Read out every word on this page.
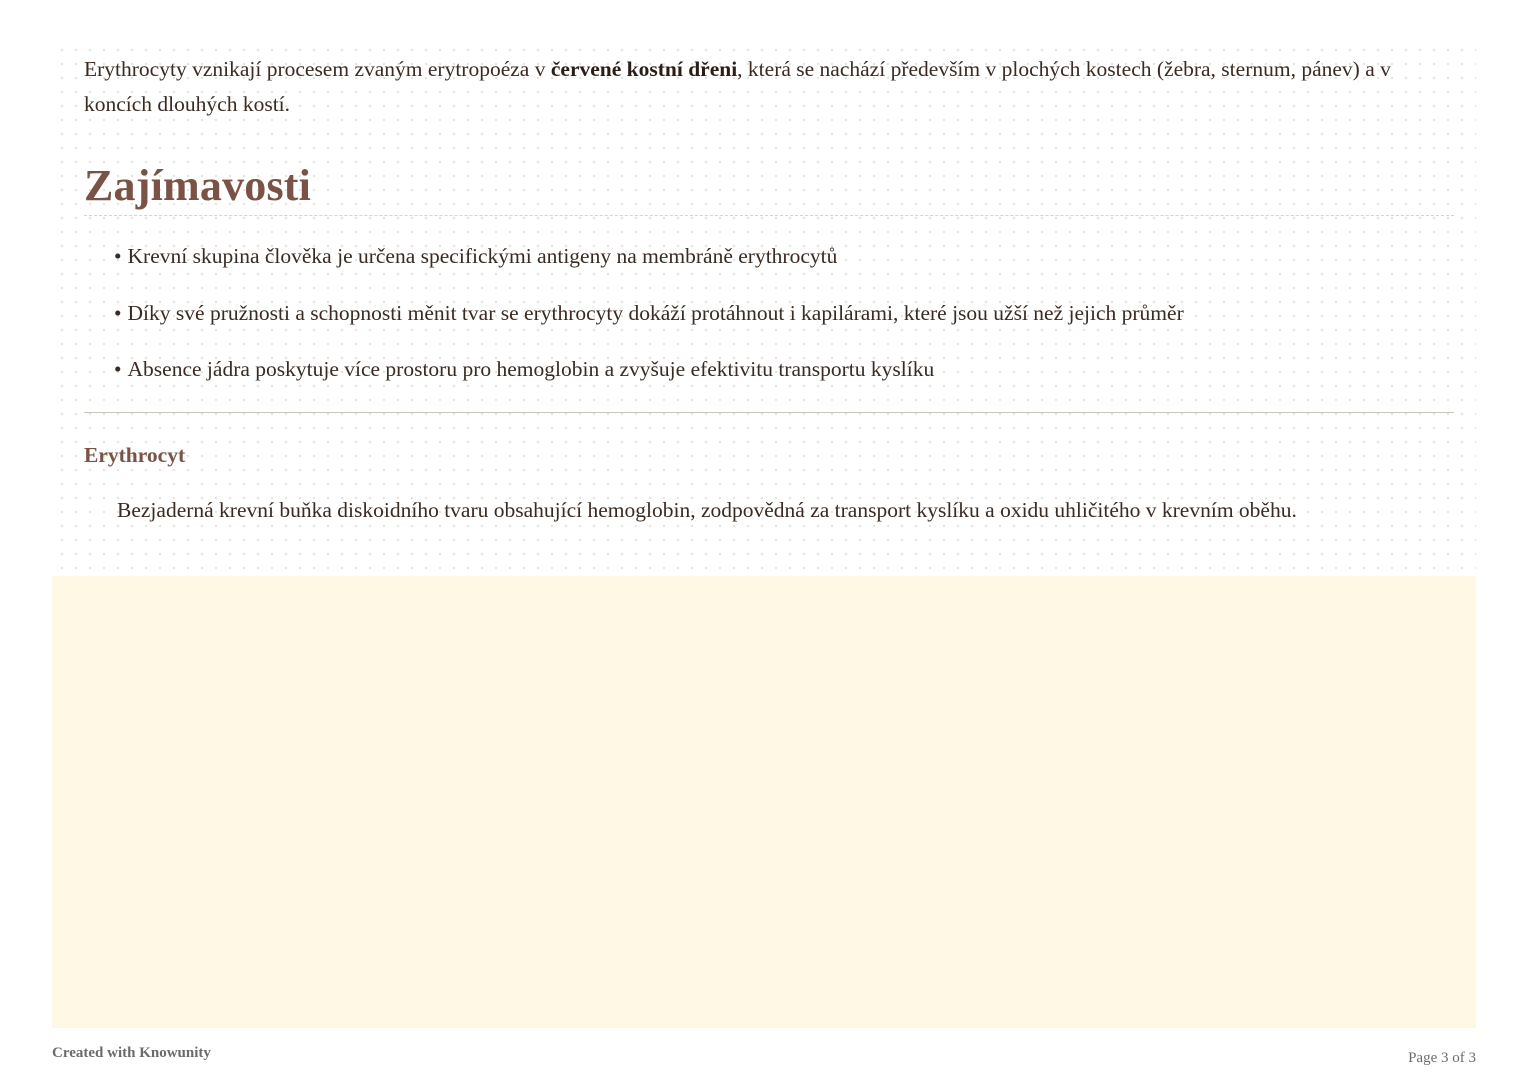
Erythrocyty vznikají procesem zvaným erytropoéza v červené kostní dřeni, která se nachází především v plochých kostech (žebra, sternum, pánev) a v koncích dlouhých kostí.

Zajímavosti
• Krevní skupina člověka je určena specifickými antigeny na membráně erythrocytů
• Díky své pružnosti a schopnosti měnit tvar se erythrocyty dokáží protáhnout i kapilárami, které jsou užší než jejich průměr
• Absence jádra poskytuje více prostoru pro hemoglobin a zvyšuje efektivitu transportu kyslíku

Erythrocyt

Bezjaderná krevní buňka diskoidního tvaru obsahující hemoglobin, zodpovědná za transport kyslíku a oxidu uhličitého v krevním oběhu.

Created with Knowunity	Page 3 of 3
